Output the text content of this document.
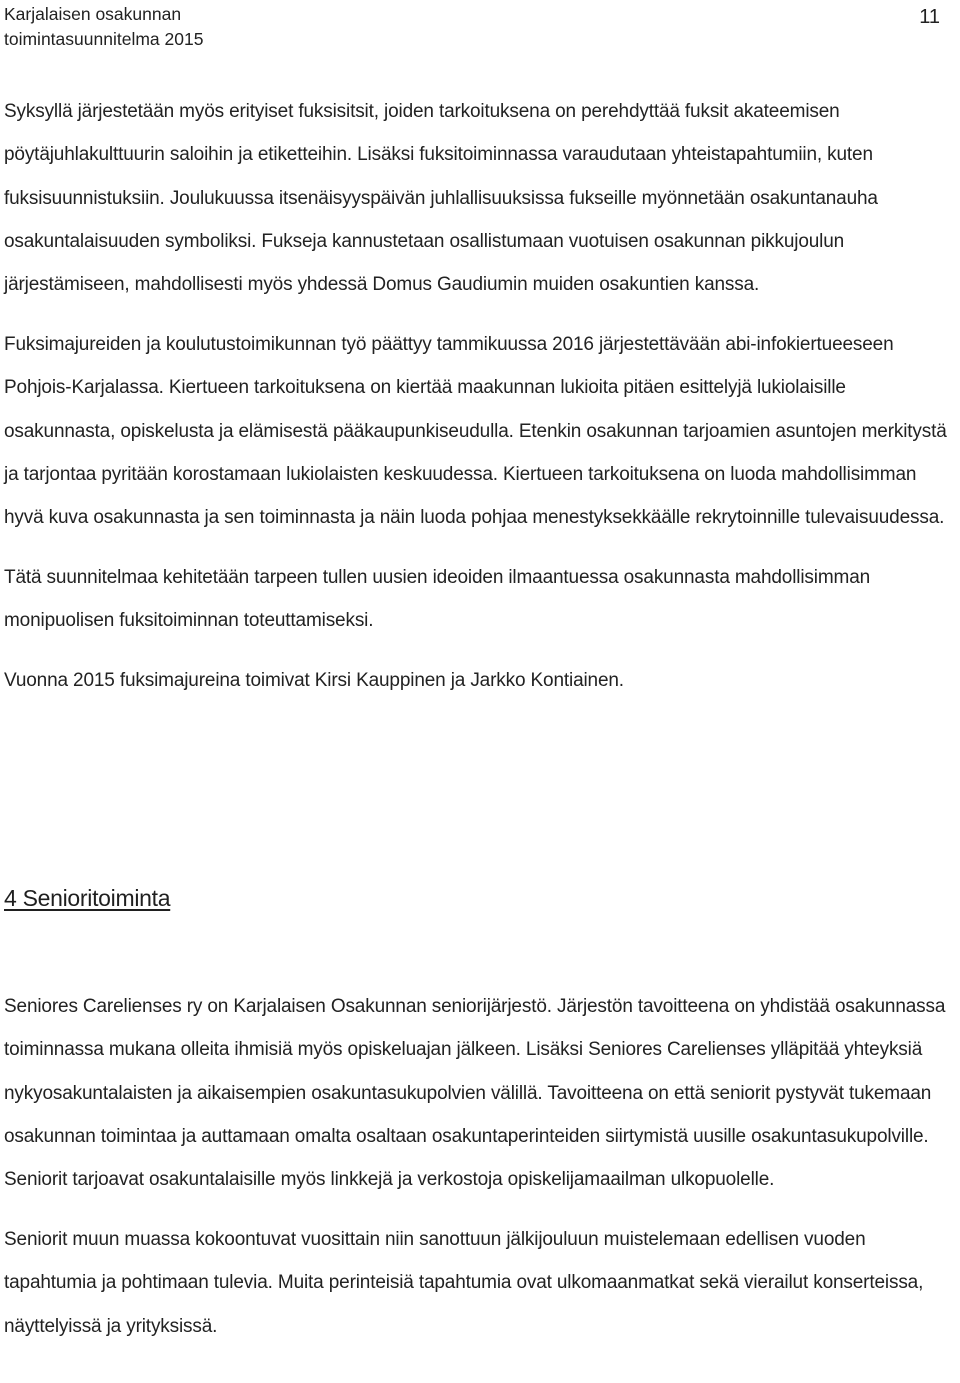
Karjalaisen osakunnan
toimintasuunnitelma 2015
11

Syksyllä järjestetään myös erityiset fuksisitsit, joiden tarkoituksena on perehdyttää fuksit akateemisen pöytäjuhlakulttuurin saloihin ja etiketteihin. Lisäksi fuksitoiminnassa varaudutaan yhteistapahtumiin, kuten fuksisuunnistuksiin. Joulukuussa itsenäisyyspäivän juhlallisuuksissa fukseille myönnetään osakuntanauha osakuntalaisuuden symboliksi. Fukseja kannustetaan osallistumaan vuotuisen osakunnan pikkujoulun järjestämiseen, mahdollisesti myös yhdessä Domus Gaudiumin muiden osakuntien kanssa.

Fuksimajureiden ja koulutustoimikunnan työ päättyy tammikuussa 2016 järjestettävään abi-infokiertueeseen Pohjois-Karjalassa. Kiertueen tarkoituksena on kiertää maakunnan lukioita pitäen esittelyjä lukiolaisille osakunnasta, opiskelusta ja elämisestä pääkaupunkiseudulla. Etenkin osakunnan tarjoamien asuntojen merkitystä ja tarjontaa pyritään korostamaan lukiolaisten keskuudessa. Kiertueen tarkoituksena on luoda mahdollisimman hyvä kuva osakunnasta ja sen toiminnasta ja näin luoda pohjaa menestyksekkäälle rekrytoinnille tulevaisuudessa.

Tätä suunnitelmaa kehitetään tarpeen tullen uusien ideoiden ilmaantuessa osakunnasta mahdollisimman monipuolisen fuksitoiminnan toteuttamiseksi.

Vuonna 2015 fuksimajureina toimivat Kirsi Kauppinen ja Jarkko Kontiainen.

4 Senioritoiminta

Seniores Carelienses ry on Karjalaisen Osakunnan seniorijärjestö. Järjestön tavoitteena on yhdistää osakunnassa toiminnassa mukana olleita ihmisiä myös opiskeluajan jälkeen. Lisäksi Seniores Carelienses ylläpitää yhteyksiä nykyosakuntalaisten ja aikaisempien osakuntasukupolvien välillä. Tavoitteena on että seniorit pystyvät tukemaan osakunnan toimintaa ja auttamaan omalta osaltaan osakuntaperinteiden siirtymistä uusille osakuntasukupolville. Seniorit tarjoavat osakuntalaisille myös linkkejä ja verkostoja opiskelijamaailman ulkopuolelle.

Seniorit muun muassa kokoontuvat vuosittain niin sanottuun jälkijouluun muistelemaan edellisen vuoden tapahtumia ja pohtimaan tulevia. Muita perinteisiä tapahtumia ovat ulkomaanmatkat sekä vierailut konserteissa, näyttelyissä ja yrityksissä.
